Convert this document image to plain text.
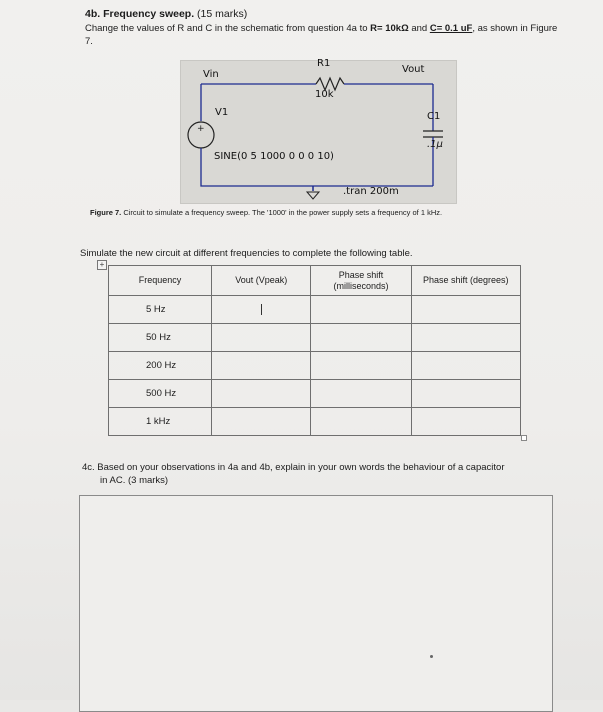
4b. Frequency sweep. (15 marks)
Change the values of R and C in the schematic from question 4a to R= 10kΩ and C= 0.1 uF, as shown in Figure 7.
+
Vin	Vout
R1
10k
V1	C1
.1µ
SINE(0 5 1000 0 0 0 10)
.tran 200m
Figure 7. Circuit to simulate a frequency sweep. The '1000' in the power supply sets a frequency of 1 kHz.
Simulate the new circuit at different frequencies to complete the following table.
+
Frequency	Vout (Vpeak)	Phase shift (milliseconds)	Phase shift (degrees)
5 Hz			
50 Hz			
200 Hz			
500 Hz			
1 kHz			
4c. Based on your observations in 4a and 4b, explain in your own words the behaviour of a capacitor
in AC. (3 marks)
